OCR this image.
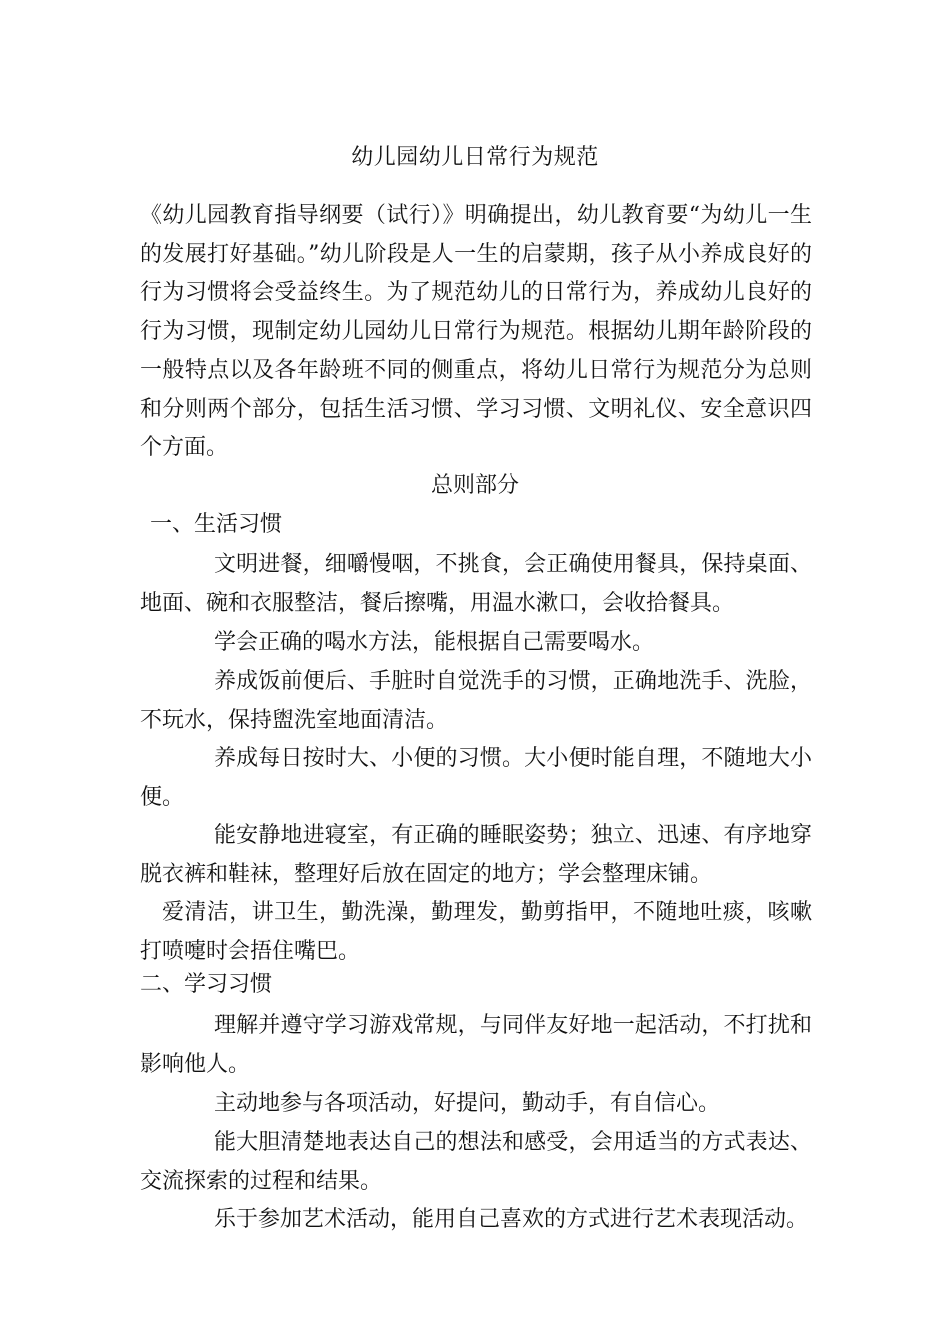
幼儿园幼儿日常行为规范

《幼儿园教育指导纲要（试行）》明确提出，幼儿教育要“为幼儿一生的发展打好基础。”幼儿阶段是人一生的启蒙期，孩子从小养成良好的行为习惯将会受益终生。为了规范幼儿的日常行为，养成幼儿良好的行为习惯，现制定幼儿园幼儿日常行为规范。根据幼儿期年龄阶段的一般特点以及各年龄班不同的侧重点，将幼儿日常行为规范分为总则和分则两个部分，包括生活习惯、学习习惯、文明礼仪、安全意识四个方面。

总则部分
一、生活习惯

文明进餐，细嚼慢咽，不挑食，会正确使用餐具，保持桌面、地面、碗和衣服整洁，餐后擦嘴，用温水漱口，会收拾餐具。

学会正确的喝水方法，能根据自己需要喝水。

养成饭前便后、手脏时自觉洗手的习惯，正确地洗手、洗脸，不玩水，保持盥洗室地面清洁。

养成每日按时大、小便的习惯。大小便时能自理，不随地大小便。

能安静地进寝室，有正确的睡眠姿势；独立、迅速、有序地穿脱衣裤和鞋袜，整理好后放在固定的地方；学会整理床铺。

爱清洁，讲卫生，勤洗澡，勤理发，勤剪指甲，不随地吐痰，咳嗽打喷嚏时会捂住嘴巴。

二、学习习惯

理解并遵守学习游戏常规，与同伴友好地一起活动，不打扰和影响他人。

主动地参与各项活动，好提问，勤动手，有自信心。

能大胆清楚地表达自己的想法和感受，会用适当的方式表达、交流探索的过程和结果。

乐于参加艺术活动，能用自己喜欢的方式进行艺术表现活动。
